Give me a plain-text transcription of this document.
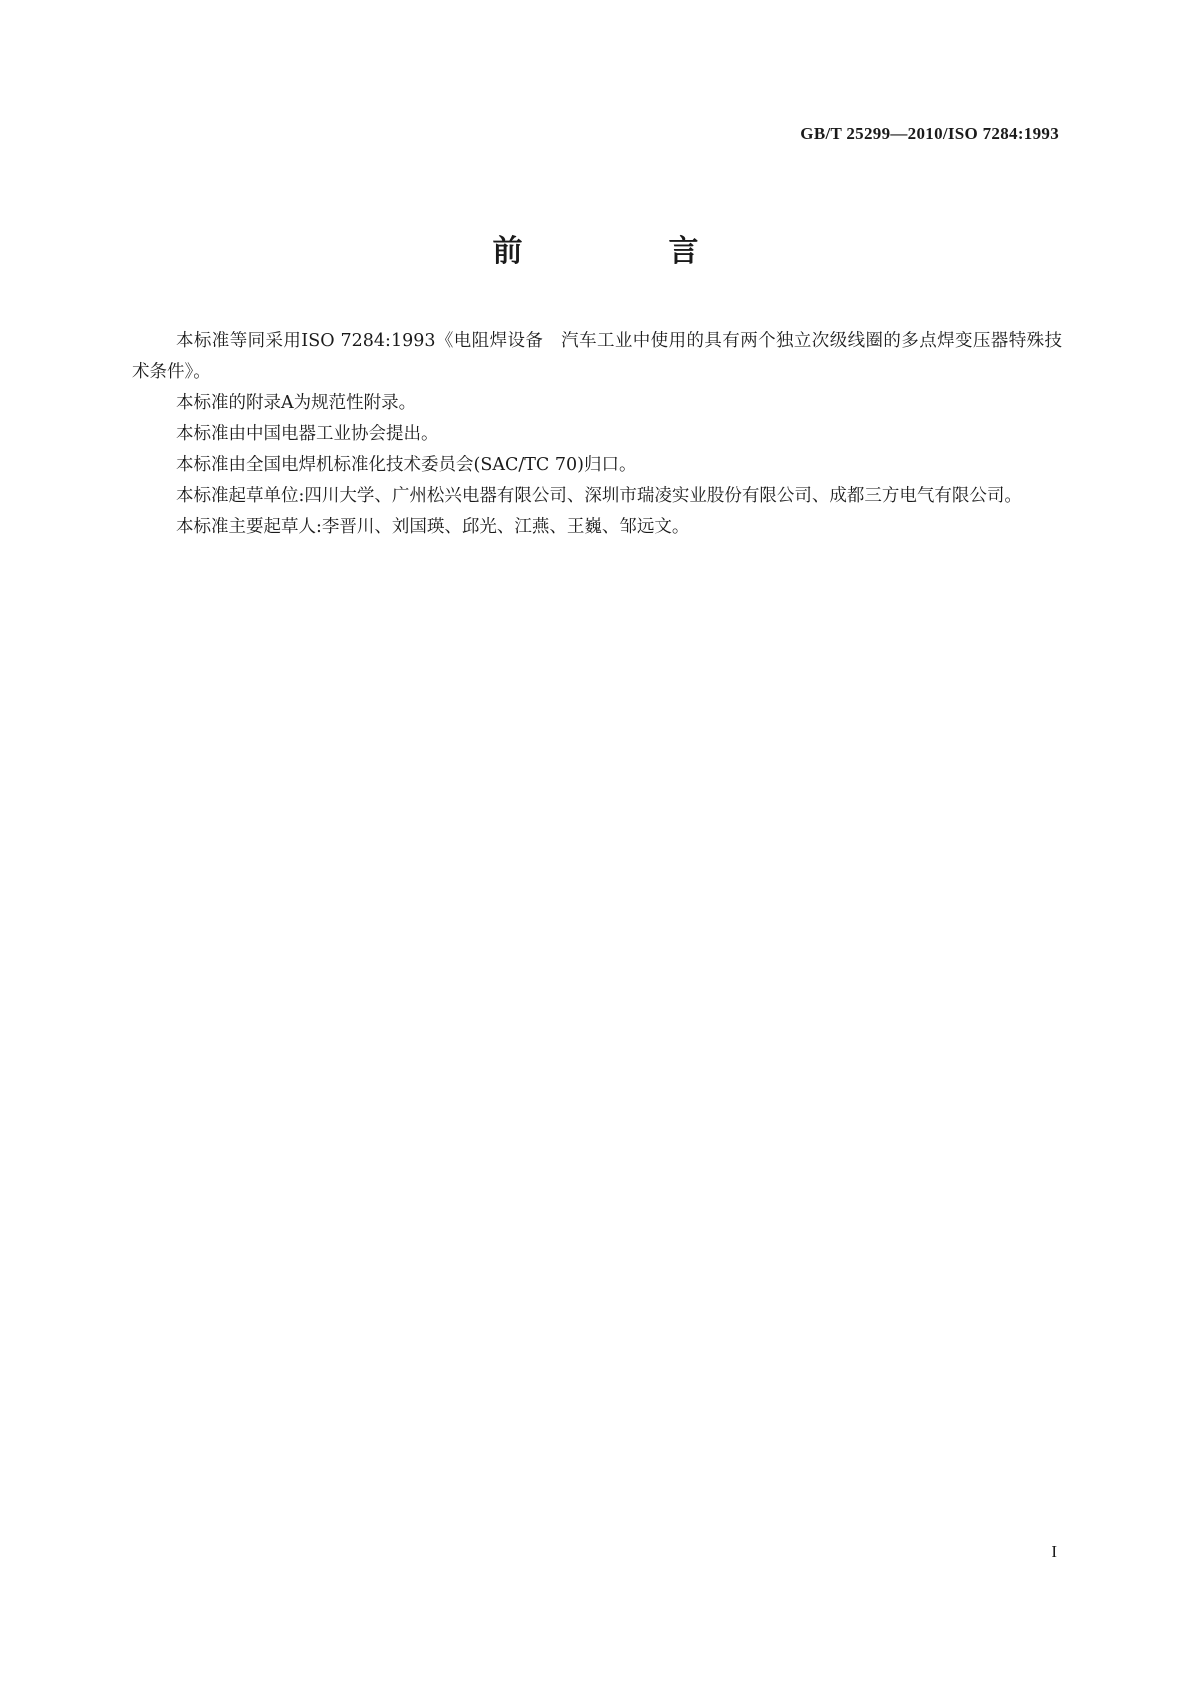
GB/T 25299—2010/ISO 7284:1993
前　言

本标准等同采用ISO 7284:1993《电阻焊设备　汽车工业中使用的具有两个独立次级线圈的多点焊变压器特殊技术条件》。

本标准的附录A为规范性附录。

本标准由中国电器工业协会提出。

本标准由全国电焊机标准化技术委员会(SAC/TC 70)归口。

本标准起草单位:四川大学、广州松兴电器有限公司、深圳市瑞凌实业股份有限公司、成都三方电气有限公司。

本标准主要起草人:李晋川、刘国瑛、邱光、江燕、王巍、邹远文。

I
